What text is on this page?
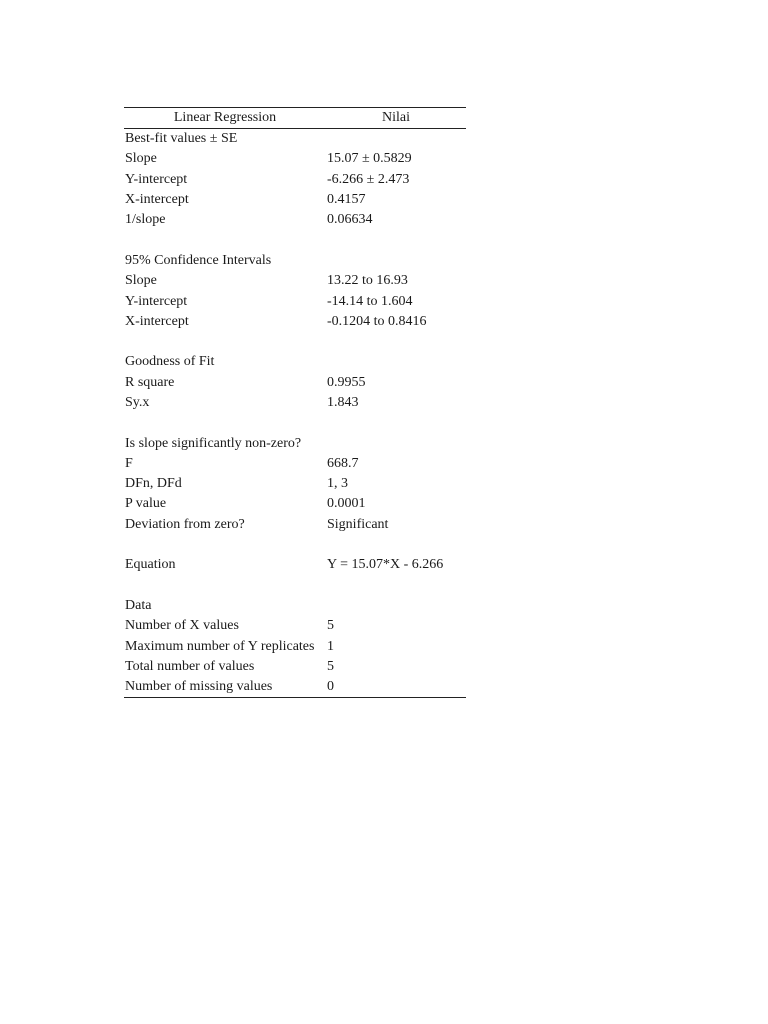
Linear Regression	Nilai
Best-fit values ± SE	
Slope	15.07 ± 0.5829
Y-intercept	-6.266 ± 2.473
X-intercept	0.4157
1/slope	0.06634

95% Confidence Intervals	
Slope	13.22 to 16.93
Y-intercept	-14.14 to 1.604
X-intercept	-0.1204 to 0.8416

Goodness of Fit	
R square	0.9955
Sy.x	1.843

Is slope significantly non-zero?	
F	668.7
DFn, DFd	1, 3
P value	0.0001
Deviation from zero?	Significant

Equation	Y = 15.07*X - 6.266

Data	
Number of X values	5
Maximum number of Y replicates	1
Total number of values	5
Number of missing values	0
